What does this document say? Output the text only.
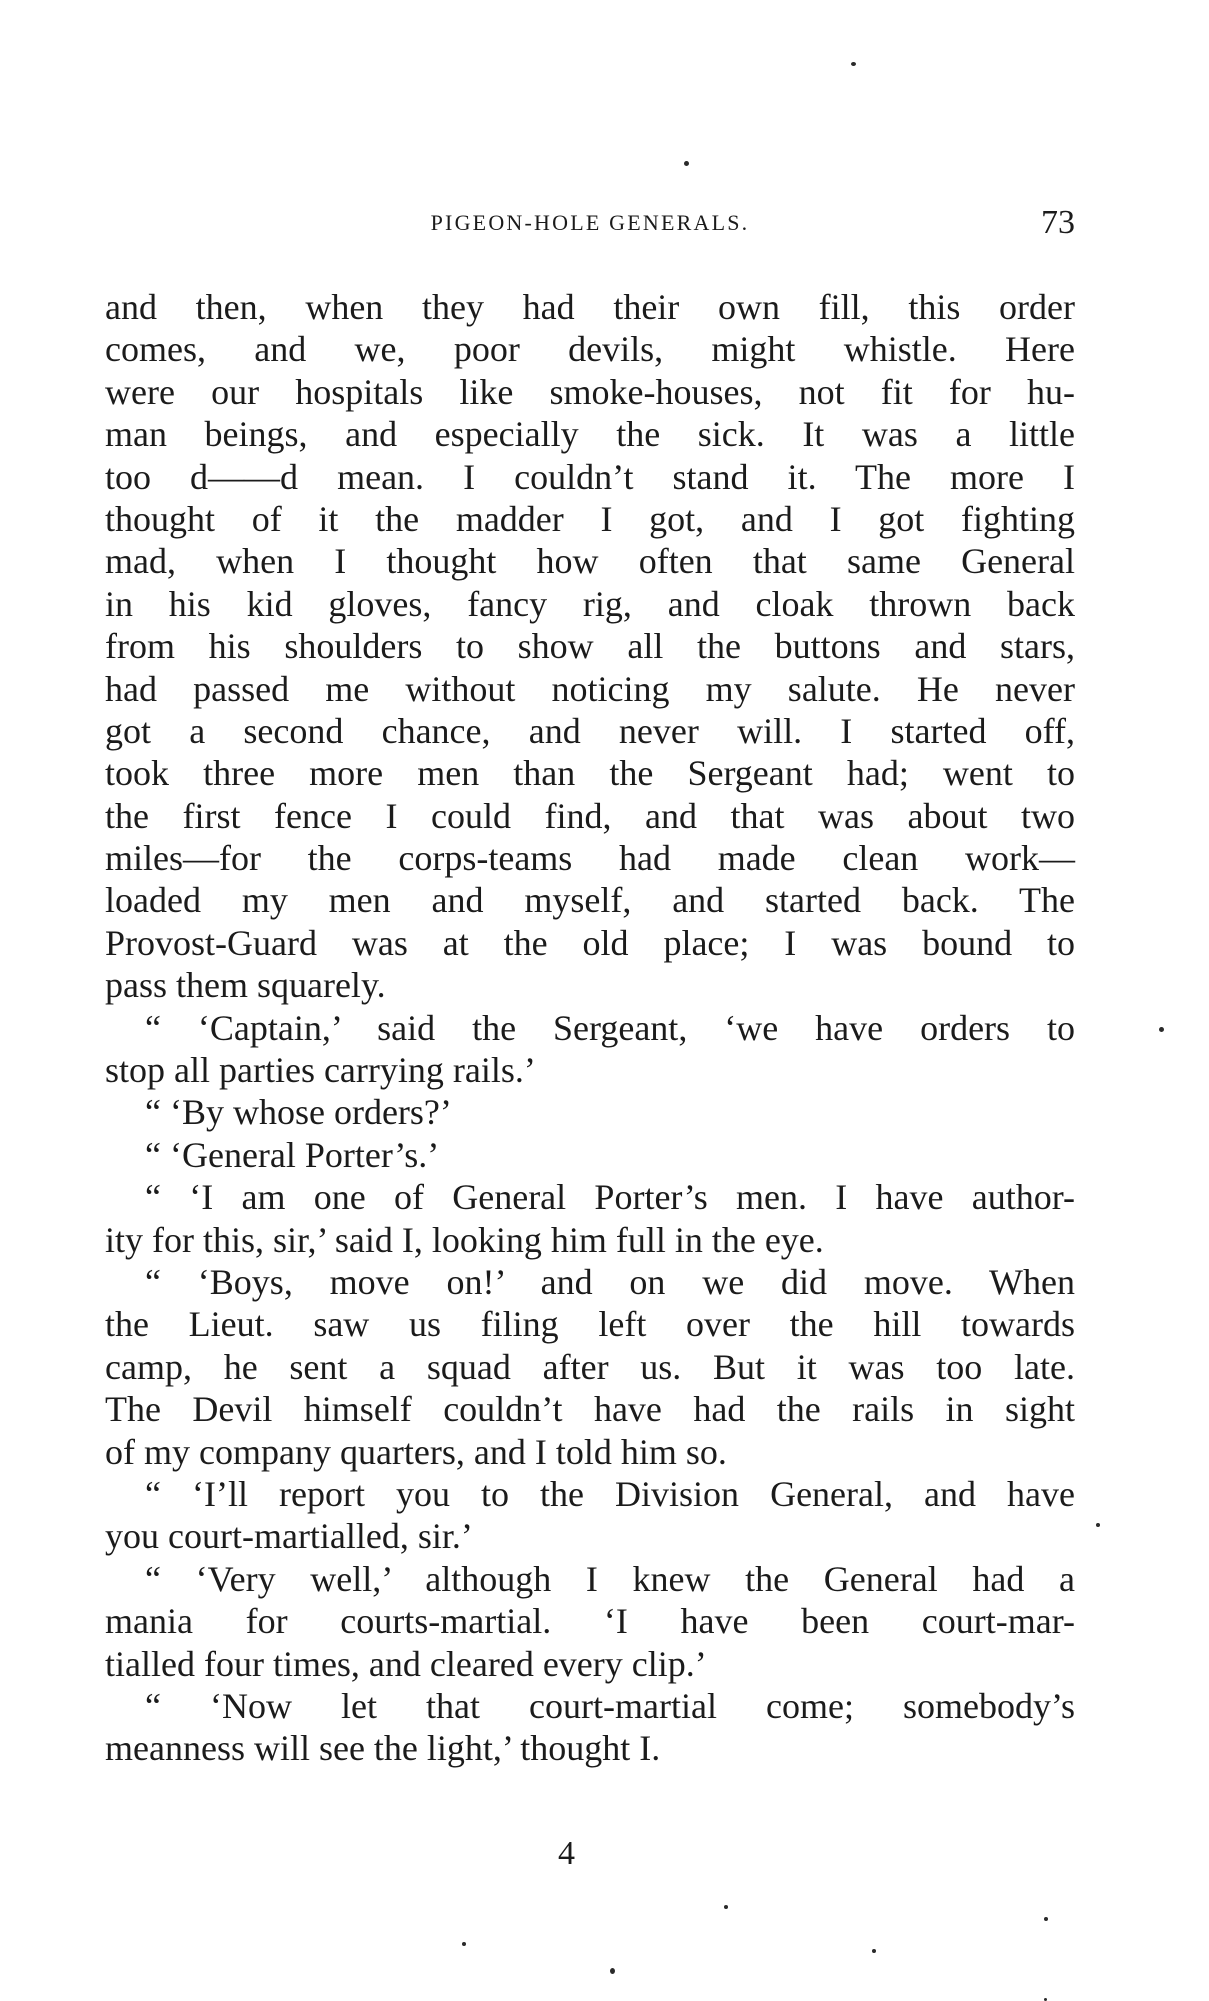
PIGEON-HOLE GENERALS.	73
and then, when they had their own fill, this order
comes, and we, poor devils, might whistle. Here
were our hospitals like smoke-houses, not fit for hu-
man beings, and especially the sick. It was a little
too d——d mean. I couldn’t stand it. The more I
thought of it the madder I got, and I got fighting
mad, when I thought how often that same General
in his kid gloves, fancy rig, and cloak thrown back
from his shoulders to show all the buttons and stars,
had passed me without noticing my salute. He never
got a second chance, and never will. I started off,
took three more men than the Sergeant had; went to
the first fence I could find, and that was about two
miles—for the corps-teams had made clean work—
loaded my men and myself, and started back. The
Provost-Guard was at the old place; I was bound to
pass them squarely.
“ ‘Captain,’ said the Sergeant, ‘we have orders to
stop all parties carrying rails.’
“ ‘By whose orders?’
“ ‘General Porter’s.’
“ ‘I am one of General Porter’s men. I have author-
ity for this, sir,’ said I, looking him full in the eye.
“ ‘Boys, move on!’ and on we did move. When
the Lieut. saw us filing left over the hill towards
camp, he sent a squad after us. But it was too late.
The Devil himself couldn’t have had the rails in sight
of my company quarters, and I told him so.
“ ‘I’ll report you to the Division General, and have
you court-martialled, sir.’
“ ‘Very well,’ although I knew the General had a
mania for courts-martial. ‘I have been court-mar-
tialled four times, and cleared every clip.’
“ ‘Now let that court-martial come; somebody’s
meanness will see the light,’ thought I.
4
